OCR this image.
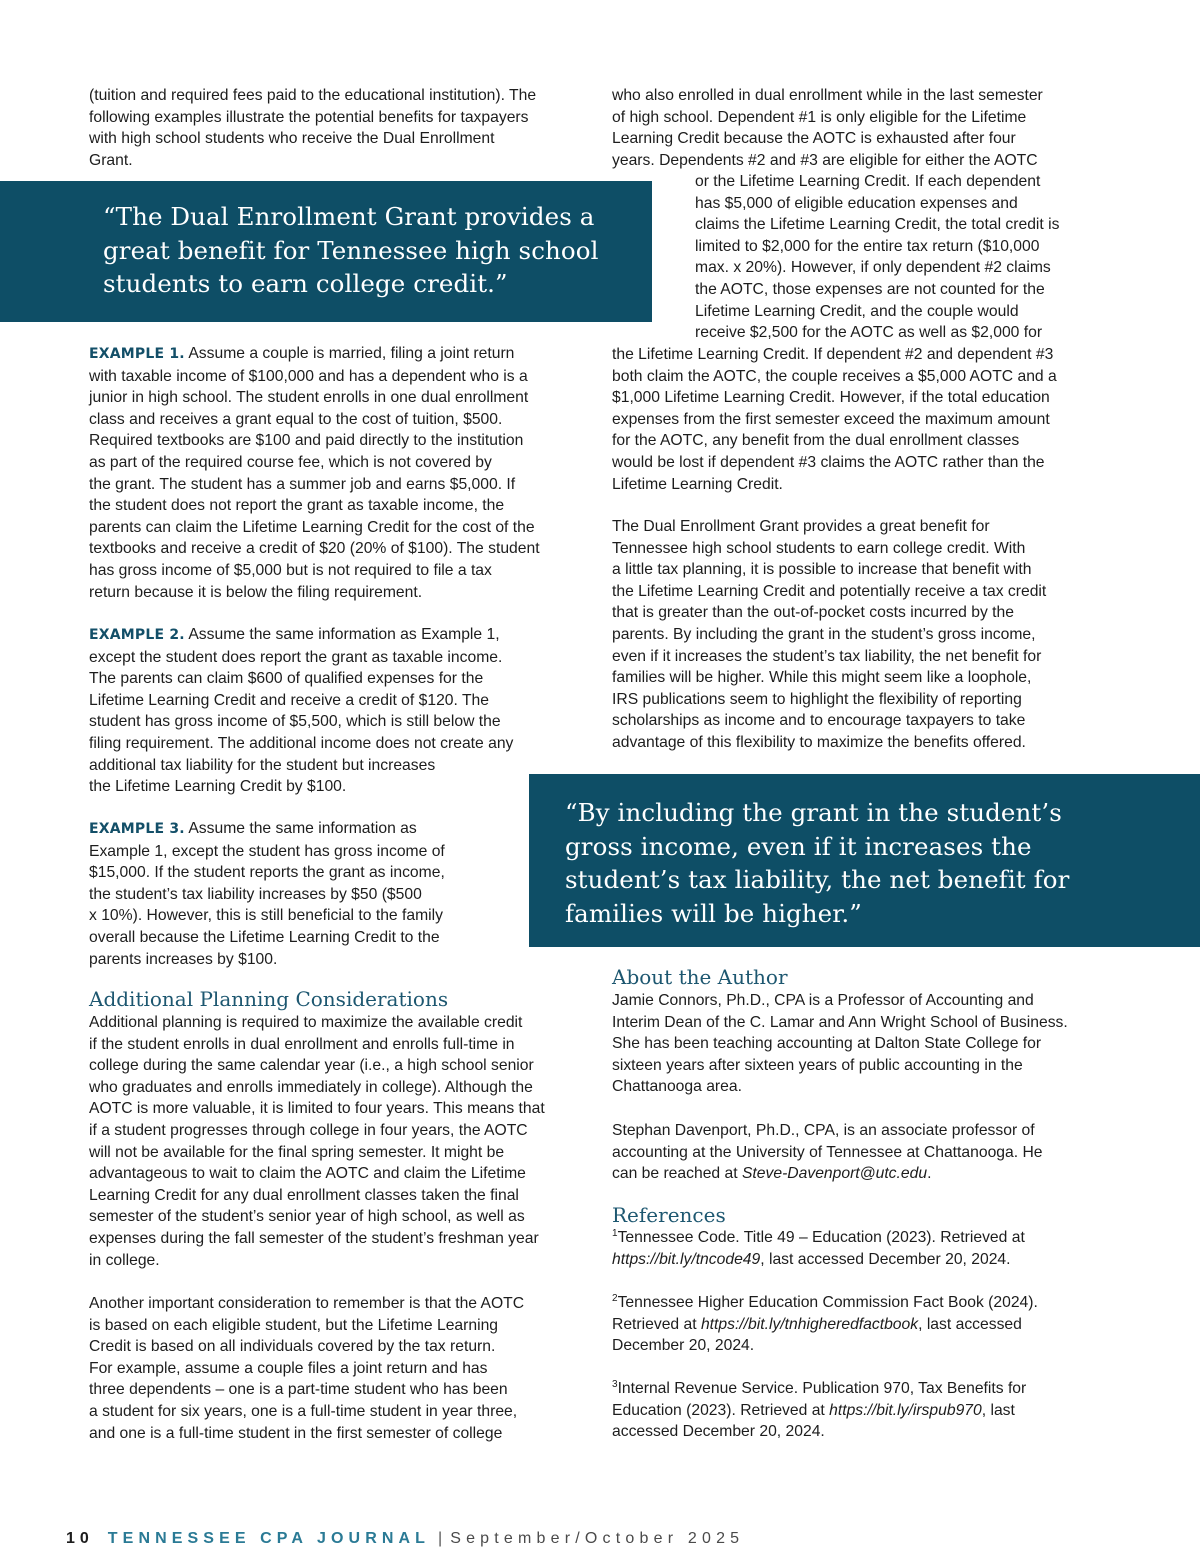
(tuition and required fees paid to the educational institution). The
following examples illustrate the potential benefits for taxpayers
with high school students who receive the Dual Enrollment
Grant.
“The Dual Enrollment Grant provides a
great benefit for Tennessee high school
students to earn college credit.”
EXAMPLE 1. Assume a couple is married, filing a joint return
with taxable income of $100,000 and has a dependent who is a
junior in high school. The student enrolls in one dual enrollment
class and receives a grant equal to the cost of tuition, $500.
Required textbooks are $100 and paid directly to the institution
as part of the required course fee, which is not covered by
the grant. The student has a summer job and earns $5,000. If
the student does not report the grant as taxable income, the
parents can claim the Lifetime Learning Credit for the cost of the
textbooks and receive a credit of $20 (20% of $100). The student
has gross income of $5,000 but is not required to file a tax
return because it is below the filing requirement.
EXAMPLE 2. Assume the same information as Example 1,
except the student does report the grant as taxable income.
The parents can claim $600 of qualified expenses for the
Lifetime Learning Credit and receive a credit of $120. The
student has gross income of $5,500, which is still below the
filing requirement. The additional income does not create any
additional tax liability for the student but increases
the Lifetime Learning Credit by $100.
EXAMPLE 3. Assume the same information as
Example 1, except the student has gross income of
$15,000. If the student reports the grant as income,
the student’s tax liability increases by $50 ($500
x 10%). However, this is still beneficial to the family
overall because the Lifetime Learning Credit to the
parents increases by $100.
Additional Planning Considerations
Additional planning is required to maximize the available credit
if the student enrolls in dual enrollment and enrolls full-time in
college during the same calendar year (i.e., a high school senior
who graduates and enrolls immediately in college). Although the
AOTC is more valuable, it is limited to four years. This means that
if a student progresses through college in four years, the AOTC
will not be available for the final spring semester. It might be
advantageous to wait to claim the AOTC and claim the Lifetime
Learning Credit for any dual enrollment classes taken the final
semester of the student’s senior year of high school, as well as
expenses during the fall semester of the student’s freshman year
in college.
Another important consideration to remember is that the AOTC
is based on each eligible student, but the Lifetime Learning
Credit is based on all individuals covered by the tax return.
For example, assume a couple files a joint return and has
three dependents – one is a part-time student who has been
a student for six years, one is a full-time student in year three,
and one is a full-time student in the first semester of college
who also enrolled in dual enrollment while in the last semester
of high school. Dependent #1 is only eligible for the Lifetime
Learning Credit because the AOTC is exhausted after four
years. Dependents #2 and #3 are eligible for either the AOTC
or the Lifetime Learning Credit. If each dependent
has $5,000 of eligible education expenses and
claims the Lifetime Learning Credit, the total credit is
limited to $2,000 for the entire tax return ($10,000
max. x 20%). However, if only dependent #2 claims
the AOTC, those expenses are not counted for the
Lifetime Learning Credit, and the couple would
receive $2,500 for the AOTC as well as $2,000 for
the Lifetime Learning Credit. If dependent #2 and dependent #3
both claim the AOTC, the couple receives a $5,000 AOTC and a
$1,000 Lifetime Learning Credit. However, if the total education
expenses from the first semester exceed the maximum amount
for the AOTC, any benefit from the dual enrollment classes
would be lost if dependent #3 claims the AOTC rather than the
Lifetime Learning Credit.
The Dual Enrollment Grant provides a great benefit for
Tennessee high school students to earn college credit. With
a little tax planning, it is possible to increase that benefit with
the Lifetime Learning Credit and potentially receive a tax credit
that is greater than the out-of-pocket costs incurred by the
parents. By including the grant in the student’s gross income,
even if it increases the student’s tax liability, the net benefit for
families will be higher. While this might seem like a loophole,
IRS publications seem to highlight the flexibility of reporting
scholarships as income and to encourage taxpayers to take
advantage of this flexibility to maximize the benefits offered.
“By including the grant in the student’s
gross income, even if it increases the
student’s tax liability, the net benefit for
families will be higher.”
About the Author
Jamie Connors, Ph.D., CPA is a Professor of Accounting and
Interim Dean of the C. Lamar and Ann Wright School of Business.
She has been teaching accounting at Dalton State College for
sixteen years after sixteen years of public accounting in the
Chattanooga area.
Stephan Davenport, Ph.D., CPA, is an associate professor of
accounting at the University of Tennessee at Chattanooga. He
can be reached at Steve-Davenport@utc.edu.
References
$^1$Tennessee Code. Title 49 – Education (2023). Retrieved at
https://bit.ly/tncode49, last accessed December 20, 2024.
$^2$Tennessee Higher Education Commission Fact Book (2024).
Retrieved at https://bit.ly/tnhigheredfactbook, last accessed
December 20, 2024.
$^3$Internal Revenue Service. Publication 970, Tax Benefits for
Education (2023). Retrieved at https://bit.ly/irspub970, last
accessed December 20, 2024.
10 TENNESSEE CPA JOURNAL | September/October 2025
